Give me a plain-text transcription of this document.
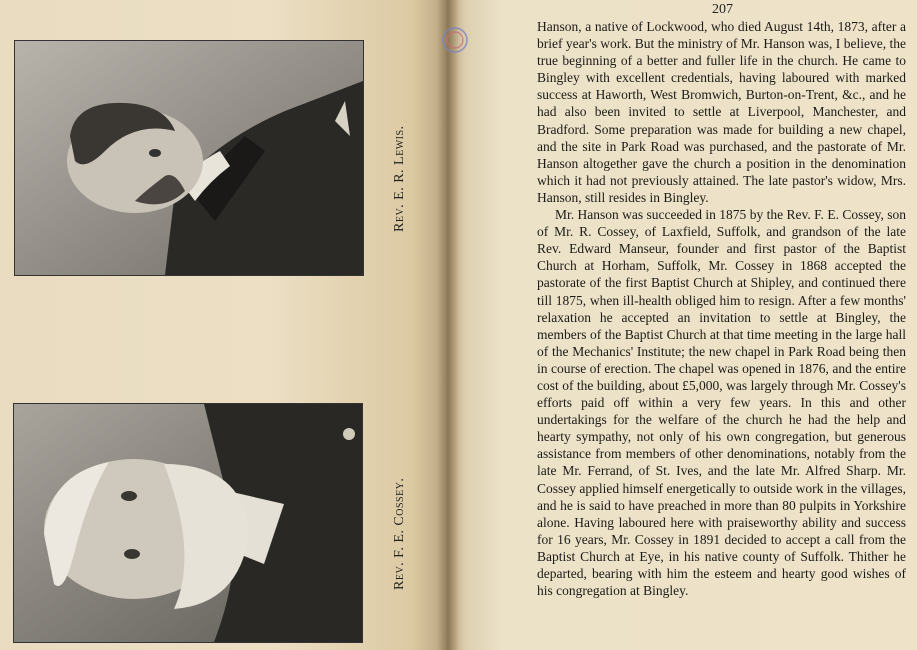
Rev. E. R. Lewis.
Rev. F. E. Cossey.
207

Hanson, a native of Lockwood, who died August 14th, 1873, after a brief year's work. But the ministry of Mr. Hanson was, I believe, the true beginning of a better and fuller life in the church. He came to Bingley with excellent credentials, having laboured with marked success at Haworth, West Bromwich, Burton-on-Trent, &c., and he had also been invited to settle at Liverpool, Manchester, and Bradford. Some preparation was made for building a new chapel, and the site in Park Road was purchased, and the pastorate of Mr. Hanson altogether gave the church a position in the denomination which it had not previously attained. The late pastor's widow, Mrs. Hanson, still resides in Bingley.

Mr. Hanson was succeeded in 1875 by the Rev. F. E. Cossey, son of Mr. R. Cossey, of Laxfield, Suffolk, and grandson of the late Rev. Edward Manseur, founder and first pastor of the Baptist Church at Horham, Suffolk, Mr. Cossey in 1868 accepted the pastorate of the first Baptist Church at Shipley, and continued there till 1875, when ill-health obliged him to resign. After a few months' relaxation he accepted an invitation to settle at Bingley, the members of the Baptist Church at that time meeting in the large hall of the Mechanics' Institute; the new chapel in Park Road being then in course of erection. The chapel was opened in 1876, and the entire cost of the building, about £5,000, was largely through Mr. Cossey's efforts paid off within a very few years. In this and other undertakings for the welfare of the church he had the help and hearty sympathy, not only of his own congregation, but generous assistance from members of other denominations, notably from the late Mr. Ferrand, of St. Ives, and the late Mr. Alfred Sharp. Mr. Cossey applied himself energetically to outside work in the villages, and he is said to have preached in more than 80 pulpits in Yorkshire alone. Having laboured here with praiseworthy ability and success for 16 years, Mr. Cossey in 1891 decided to accept a call from the Baptist Church at Eye, in his native county of Suffolk. Thither he departed, bearing with him the esteem and hearty good wishes of his congregation at Bingley.
